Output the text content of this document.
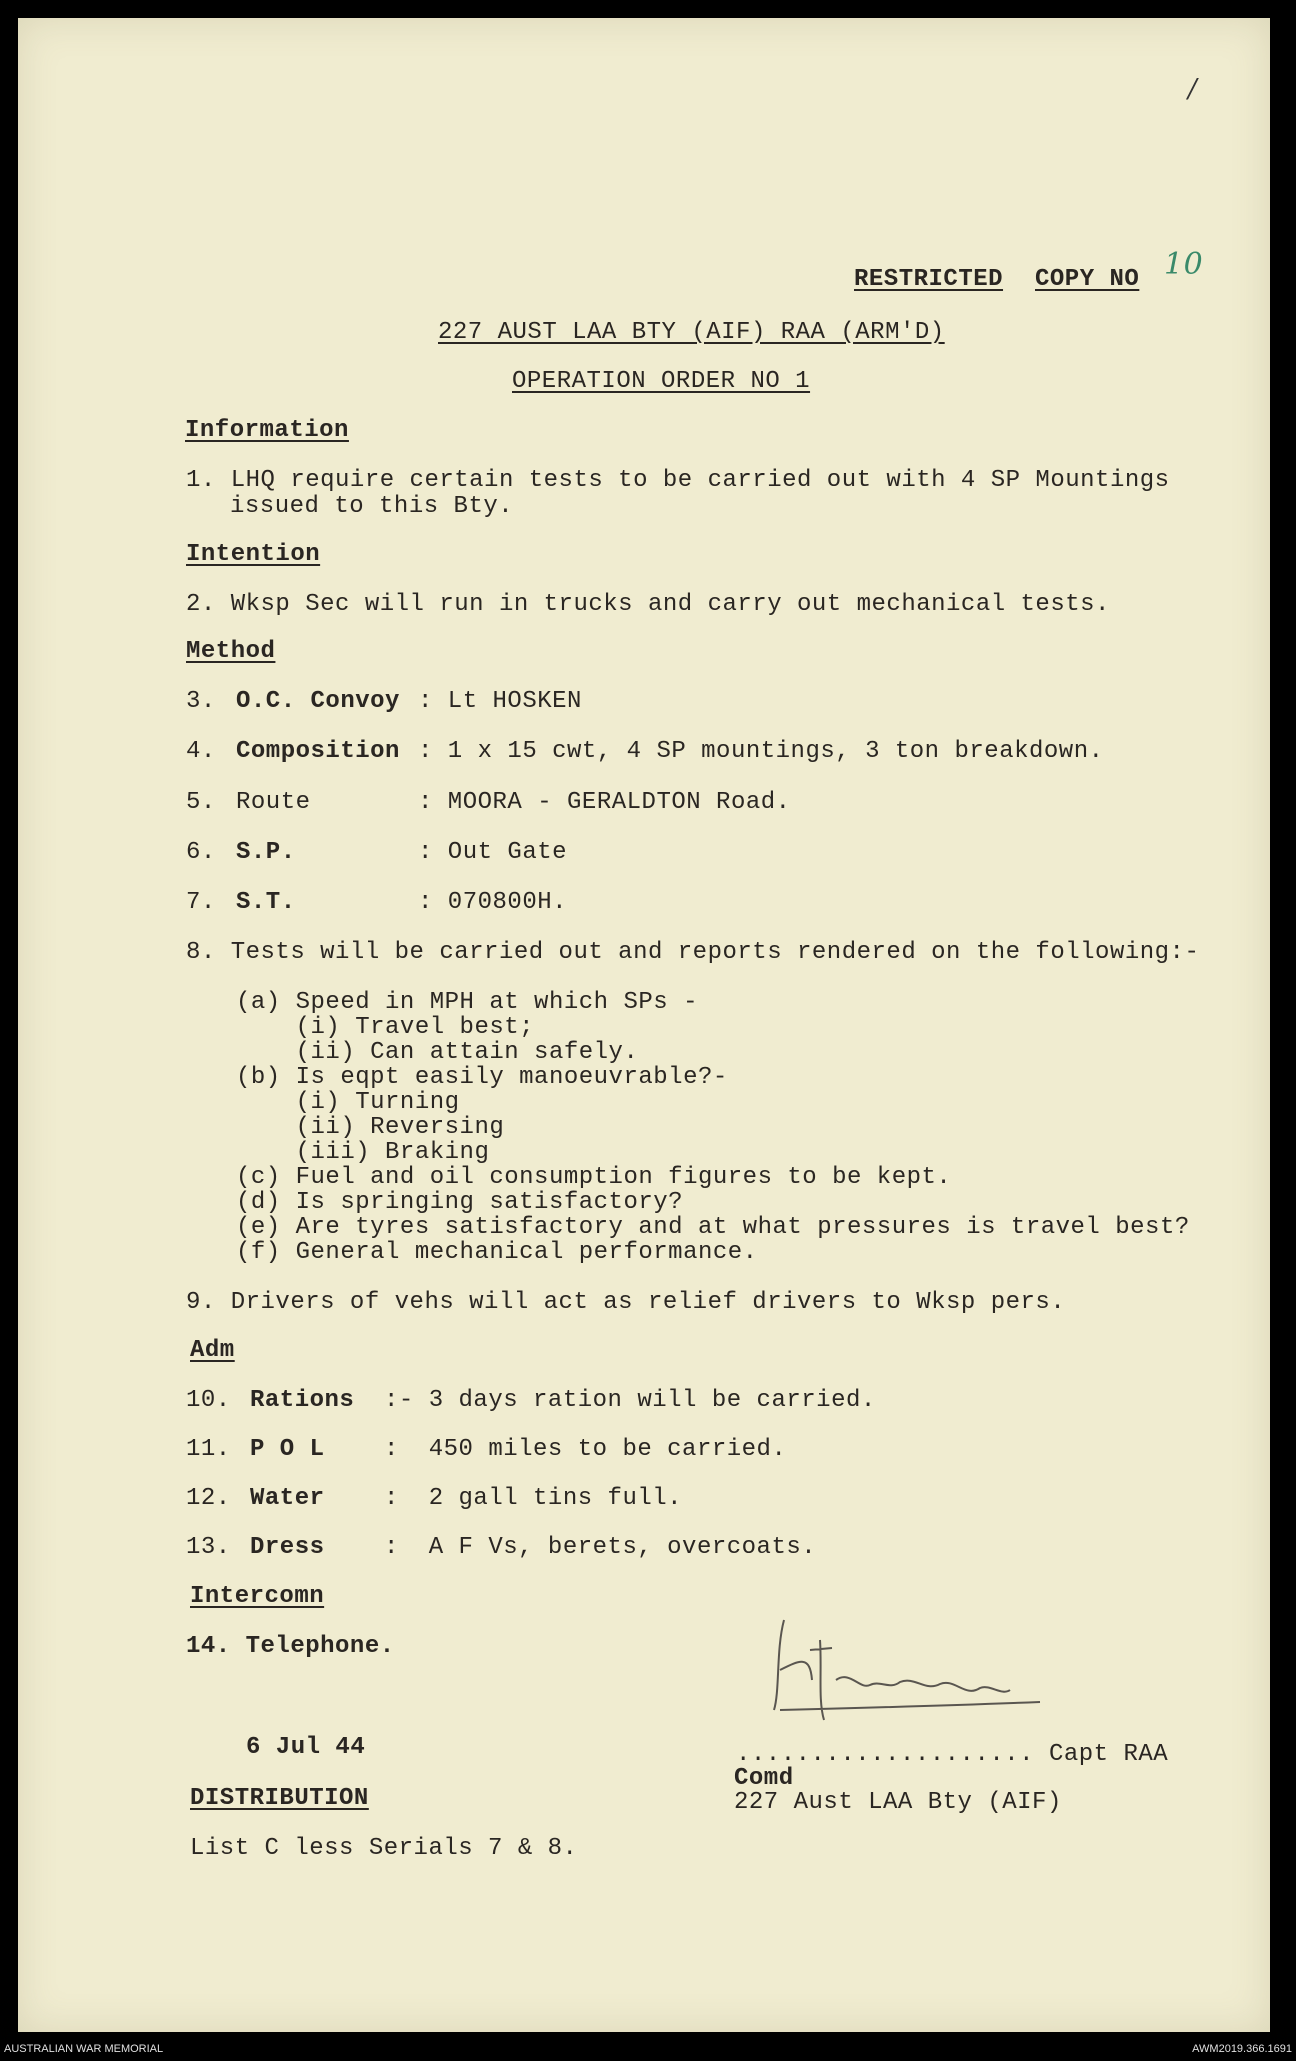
/
RESTRICTED COPY NO 10
227 AUST LAA BTY (AIF) RAA (ARM'D)
OPERATION ORDER NO 1
Information
1. LHQ require certain tests to be carried out with 4 SP Mountings
issued to this Bty.
Intention
2. Wksp Sec will run in trucks and carry out mechanical tests.
Method
3. O.C. Convoy : Lt HOSKEN
4. Composition : 1 x 15 cwt, 4 SP mountings, 3 ton breakdown.
5. Route	: MOORA - GERALDTON Road.
6. S.P.	: Out Gate
7. S.T.	: 070800H.
8. Tests will be carried out and reports rendered on the following:-
(a) Speed in MPH at which SPs -
(i) Travel best;
(ii) Can attain safely.
(b) Is eqpt easily manoeuvrable?-
(i) Turning
(ii) Reversing
(iii) Braking
(c) Fuel and oil consumption figures to be kept.
(d) Is springing satisfactory?
(e) Are tyres satisfactory and at what pressures is travel best?
(f) General mechanical performance.
9. Drivers of vehs will act as relief drivers to Wksp pers.
Adm
10. Rations :- 3 days ration will be carried.
11. P O L :  450 miles to be carried.
12. Water :  2 gall tins full.
13. Dress :  A F Vs, berets, overcoats.
Intercomn
14. Telephone.
6 Jul 44
DISTRIBUTION
List C less Serials 7 & 8.
.................... Capt RAA
Comd
227 Aust LAA Bty (AIF)
AUSTRALIAN WAR MEMORIAL	AWM2019.366.1691
